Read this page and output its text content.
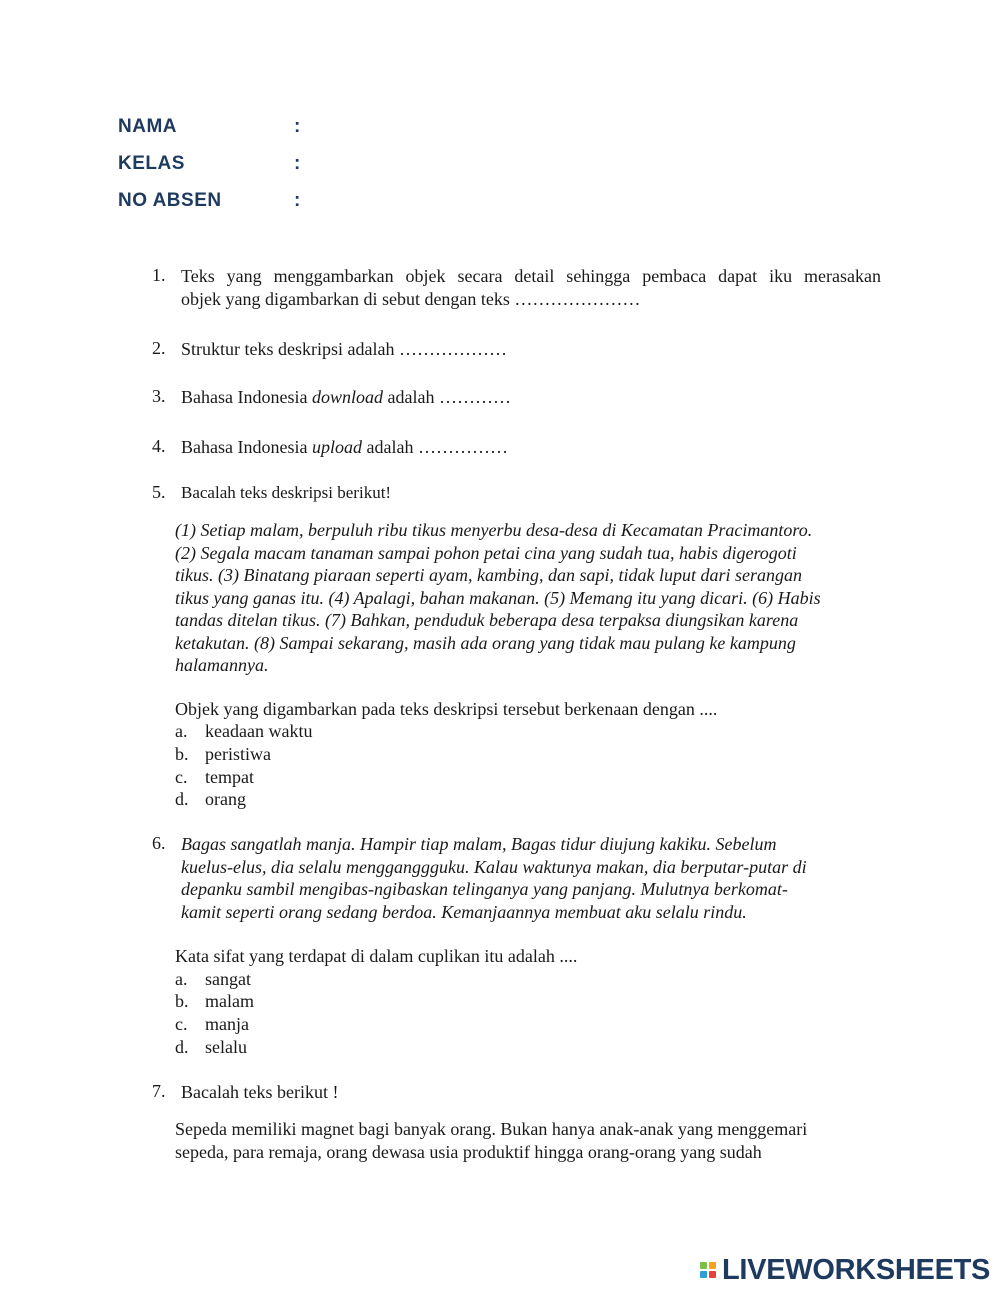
NAMA	:
KELAS	:
NO ABSEN	:
1. Teks yang menggambarkan objek secara detail sehingga pembaca dapat iku merasakan
objek yang digambarkan di sebut dengan teks …………………
2. Struktur teks deskripsi adalah ………………
3. Bahasa Indonesia download adalah …………
4. Bahasa Indonesia upload adalah ……………
5. Bacalah teks deskripsi berikut!
(1) Setiap malam, berpuluh ribu tikus menyerbu desa-desa di Kecamatan Pracimantoro.
(2) Segala macam tanaman sampai pohon petai cina yang sudah tua, habis digerogoti
tikus. (3) Binatang piaraan seperti ayam, kambing, dan sapi, tidak luput dari serangan
tikus yang ganas itu. (4) Apalagi, bahan makanan. (5) Memang itu yang dicari. (6) Habis
tandas ditelan tikus. (7) Bahkan, penduduk beberapa desa terpaksa diungsikan karena
ketakutan. (8) Sampai sekarang, masih ada orang yang tidak mau pulang ke kampung
halamannya.
Objek yang digambarkan pada teks deskripsi tersebut berkenaan dengan ....
a. keadaan waktu
b. peristiwa
c. tempat
d. orang
6. Bagas sangatlah manja. Hampir tiap malam, Bagas tidur diujung kakiku. Sebelum
kuelus-elus, dia selalu mengganggguku. Kalau waktunya makan, dia berputar-putar di
depanku sambil mengibas-ngibaskan telinganya yang panjang. Mulutnya berkomat-
kamit seperti orang sedang berdoa. Kemanjaannya membuat aku selalu rindu.
Kata sifat yang terdapat di dalam cuplikan itu adalah ....
a. sangat
b. malam
c. manja
d. selalu
7. Bacalah teks berikut !
Sepeda memiliki magnet bagi banyak orang. Bukan hanya anak-anak yang menggemari
sepeda, para remaja, orang dewasa usia produktif hingga orang-orang yang sudah
LIVEWORKSHEETS
